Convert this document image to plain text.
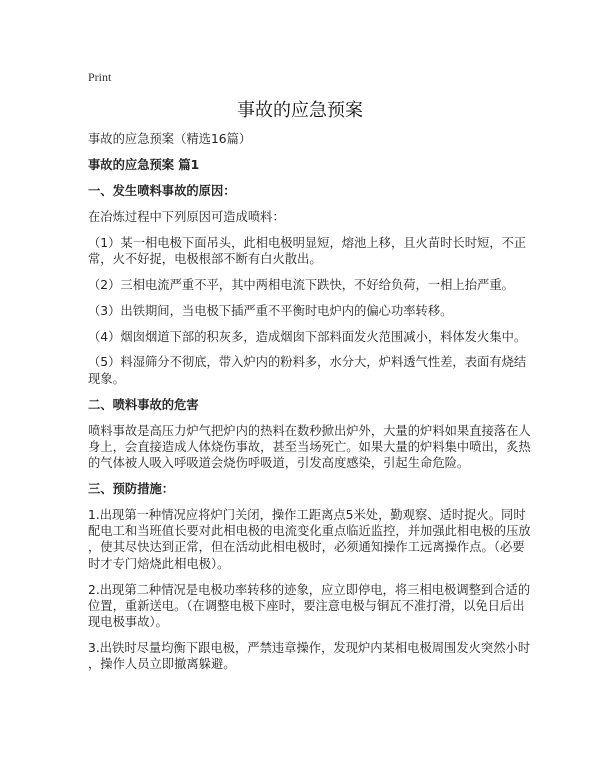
Print
事故的应急预案
事故的应急预案（精选16篇）
事故的应急预案 篇1
一、发生喷料事故的原因：
在冶炼过程中下列原因可造成喷料：
（1）某一相电极下面吊头，此相电极明显短，熔池上移，且火苗时长时短，不正
常，火不好捉，电极根部不断有白火散出。
（2）三相电流严重不平，其中两相电流下跌快，不好给负荷，一相上抬严重。
（3）出铁期间，当电极下插严重不平衡时电炉内的偏心功率转移。
（4）烟囱烟道下部的积灰多，造成烟囱下部料面发火范围减小，料体发火集中。
（5）料湿筛分不彻底，带入炉内的粉料多，水分大，炉料透气性差，表面有烧结
现象。
二、喷料事故的危害
喷料事故是高压力炉气把炉内的热料在数秒掀出炉外，大量的炉料如果直接落在人
身上，会直接造成人体烧伤事故，甚至当场死亡。如果大量的炉料集中喷出，炙热
的气体被人吸入呼吸道会烧伤呼吸道，引发高度感染，引起生命危险。
三、预防措施：
1.出现第一种情况应将炉门关闭，操作工距离点5米处，勤观察、适时捉火。同时
配电工和当班值长要对此相电极的电流变化重点临近监控，并加强此相电极的压放
，使其尽快达到正常，但在活动此相电极时，必须通知操作工远离操作点。（必要
时才专门焙烧此相电极）。
2.出现第二种情况是电极功率转移的迹象，应立即停电，将三相电极调整到合适的
位置，重新送电。（在调整电极下座时，要注意电极与铜瓦不准打滑，以免日后出
现电极事故）。
3.出铁时尽量均衡下跟电极，严禁违章操作，发现炉内某相电极周围发火突然小时
，操作人员立即撤离躲避。
